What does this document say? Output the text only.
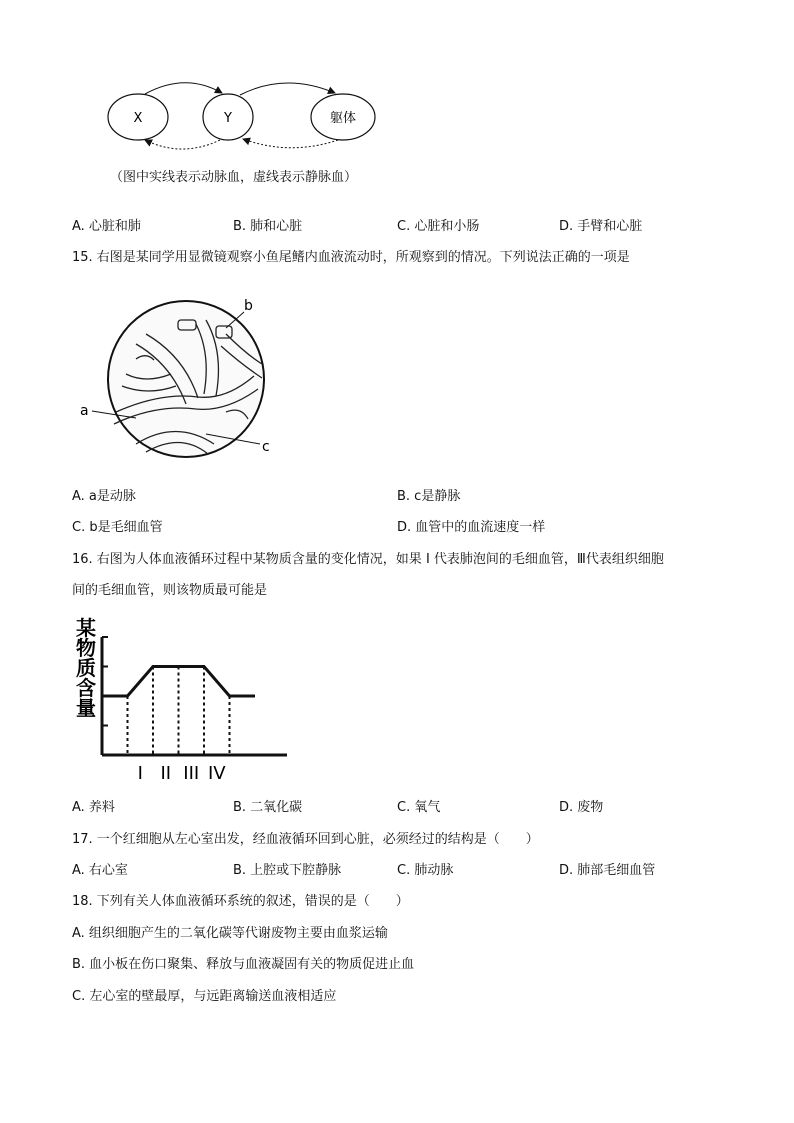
X	Y	躯体
（图中实线表示动脉血，虚线表示静脉血）
A. 心脏和肺	B. 肺和心脏	C. 心脏和小肠	D. 手臂和心脏
15. 右图是某同学用显微镜观察小鱼尾鳍内血液流动时，所观察到的情况。下列说法正确的一项是
b
a
c
A. a是动脉	B. c是静脉
C. b是毛细血管	D. 血管中的血流速度一样
16. 右图为人体血液循环过程中某物质含量的变化情况，如果 I 代表肺泡间的毛细血管，Ⅲ代表组织细胞
间的毛细血管，则该物质最可能是
某
物
质
含
量
I II III IV
A. 养料	B. 二氧化碳	C. 氧气	D. 废物
17. 一个红细胞从左心室出发，经血液循环回到心脏，必须经过的结构是（　　）
A. 右心室	B. 上腔或下腔静脉	C. 肺动脉	D. 肺部毛细血管
18. 下列有关人体血液循环系统的叙述，错误的是（　　）
A. 组织细胞产生的二氧化碳等代谢废物主要由血浆运输
B. 血小板在伤口聚集、释放与血液凝固有关的物质促进止血
C. 左心室的壁最厚，与远距离输送血液相适应
